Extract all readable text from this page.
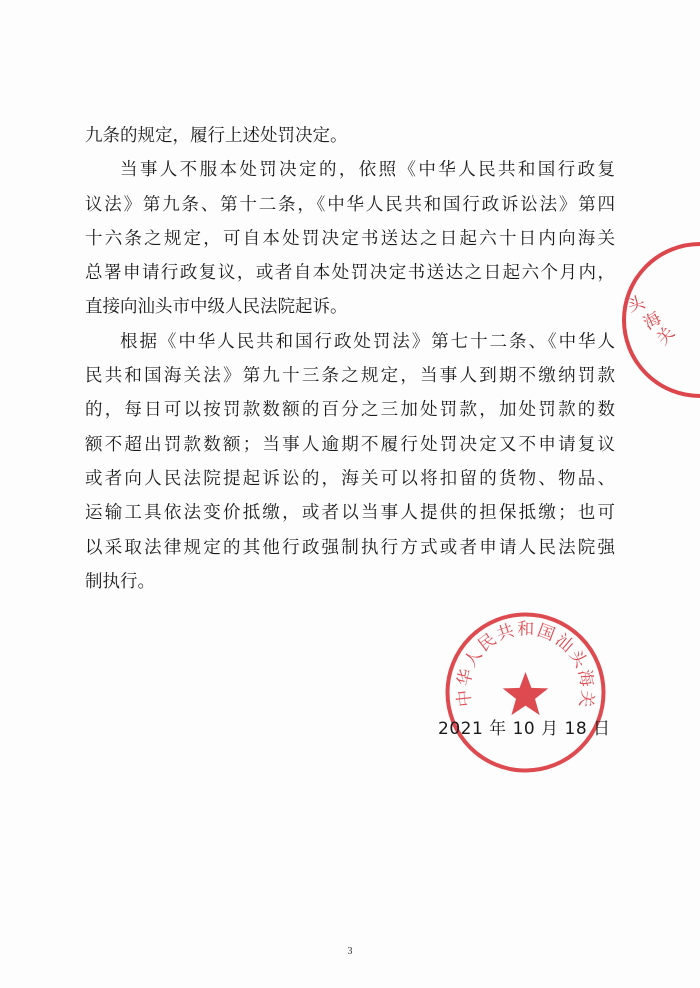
九条的规定，履行上述处罚决定。
当事人不服本处罚决定的，依照《中华人民共和国行政复
议法》第九条、第十二条，《中华人民共和国行政诉讼法》第四
十六条之规定，可自本处罚决定书送达之日起六十日内向海关
总署申请行政复议，或者自本处罚决定书送达之日起六个月内，
直接向汕头市中级人民法院起诉。
根据《中华人民共和国行政处罚法》第七十二条、《中华人
民共和国海关法》第九十三条之规定，当事人到期不缴纳罚款
的，每日可以按罚款数额的百分之三加处罚款，加处罚款的数
额不超出罚款数额；当事人逾期不履行处罚决定又不申请复议
或者向人民法院提起诉讼的，海关可以将扣留的货物、物品、
运输工具依法变价抵缴，或者以当事人提供的担保抵缴；也可
以采取法律规定的其他行政强制执行方式或者申请人民法院强
制执行。
头
海
关
中华人民共和国汕头海关
2021 年 10 月 18 日
3
